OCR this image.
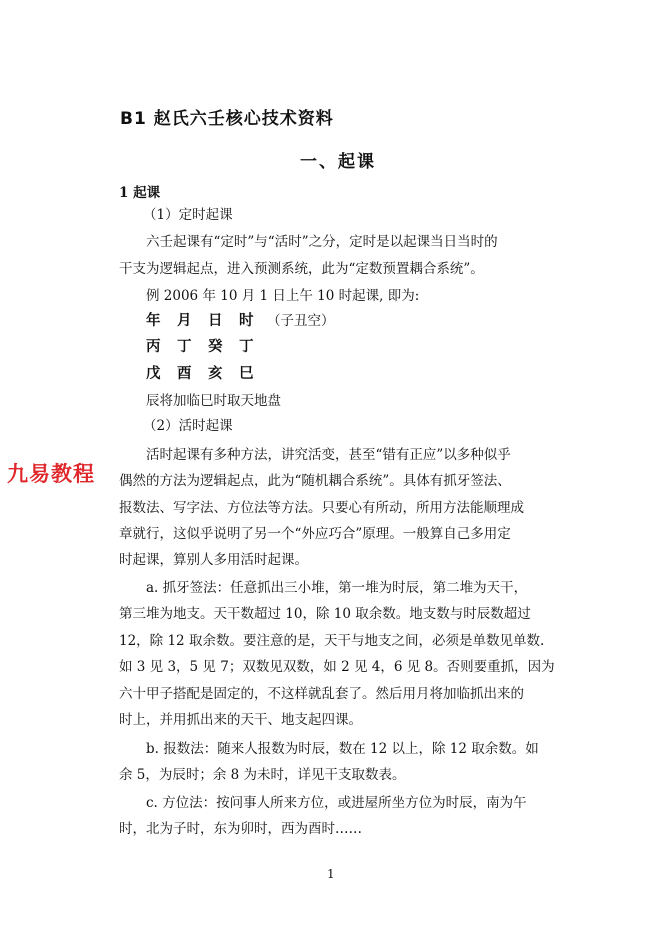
B1 赵氏六壬核心技术资料
一、起课
1 起课
（1）定时起课
六壬起课有“定时”与“活时”之分，定时是以起课当日当时的
干支为逻辑起点，进入预测系统，此为“定数预置耦合系统”。
例 2006 年 10 月 1 日上午 10 时起课, 即为:
年 月 日 时 （子丑空）
丙 丁 癸 丁
戊 酉 亥 巳
辰将加临巳时取天地盘
（2）活时起课
活时起课有多种方法，讲究活变，甚至“错有正应”以多种似乎
偶然的方法为逻辑起点，此为“随机耦合系统”。具体有抓牙签法、
报数法、写字法、方位法等方法。只要心有所动，所用方法能顺理成
章就行，这似乎说明了另一个“外应巧合”原理。一般算自己多用定
时起课，算别人多用活时起课。
a. 抓牙签法：任意抓出三小堆，第一堆为时辰，第二堆为天干，
第三堆为地支。天干数超过 10，除 10 取余数。地支数与时辰数超过
12，除 12 取余数。要注意的是，天干与地支之间，必须是单数见单数.
如 3 见 3，5 见 7；双数见双数，如 2 见 4，6 见 8。否则要重抓，因为
六十甲子搭配是固定的，不这样就乱套了。然后用月将加临抓出来的
时上，并用抓出来的天干、地支起四课。
b. 报数法：随来人报数为时辰，数在 12 以上，除 12 取余数。如
余 5，为辰时；余 8 为未时，详见干支取数表。
c. 方位法：按问事人所来方位，或进屋所坐方位为时辰，南为午
时，北为子时，东为卯时，西为酉时……
九易教程
1
